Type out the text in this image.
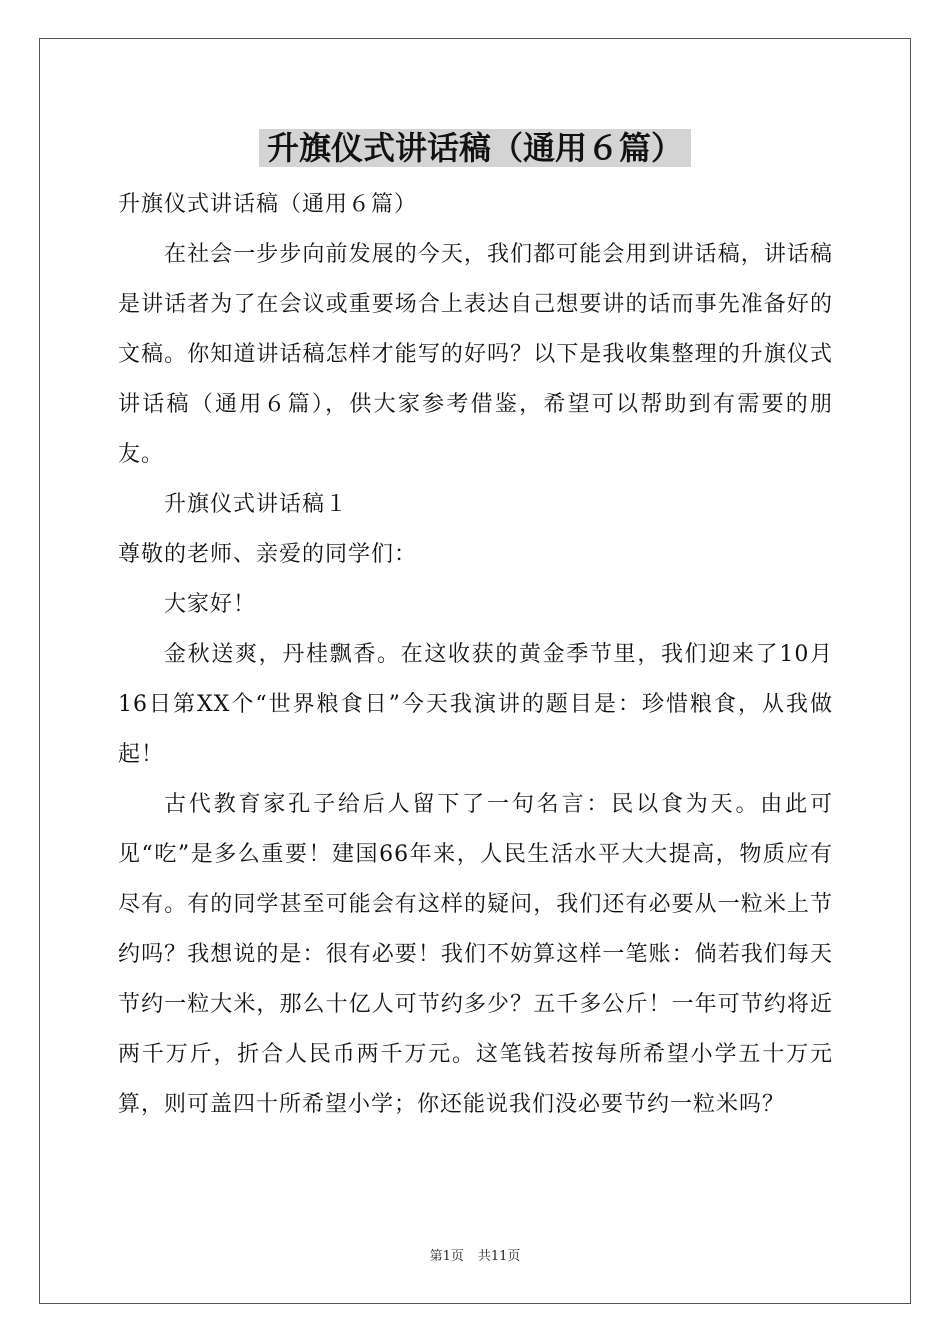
升旗仪式讲话稿（通用６篇）

升旗仪式讲话稿（通用６篇）

在社会一步步向前发展的今天，我们都可能会用到讲话稿，讲话稿是讲话者为了在会议或重要场合上表达自己想要讲的话而事先准备好的文稿。你知道讲话稿怎样才能写的好吗？以下是我收集整理的升旗仪式讲话稿（通用６篇），供大家参考借鉴，希望可以帮助到有需要的朋友。

升旗仪式讲话稿１

尊敬的老师、亲爱的同学们：

大家好！

金秋送爽，丹桂飘香。在这收获的黄金季节里，我们迎来了10月16日第XX个“世界粮食日”今天我演讲的题目是：珍惜粮食，从我做起！

古代教育家孔子给后人留下了一句名言：民以食为天。由此可见“吃”是多么重要！建国66年来，人民生活水平大大提高，物质应有尽有。有的同学甚至可能会有这样的疑问，我们还有必要从一粒米上节约吗？我想说的是：很有必要！我们不妨算这样一笔账：倘若我们每天节约一粒大米，那么十亿人可节约多少？五千多公斤！一年可节约将近两千万斤，折合人民币两千万元。这笔钱若按每所希望小学五十万元算，则可盖四十所希望小学；你还能说我们没必要节约一粒米吗？

第1页 共11页
